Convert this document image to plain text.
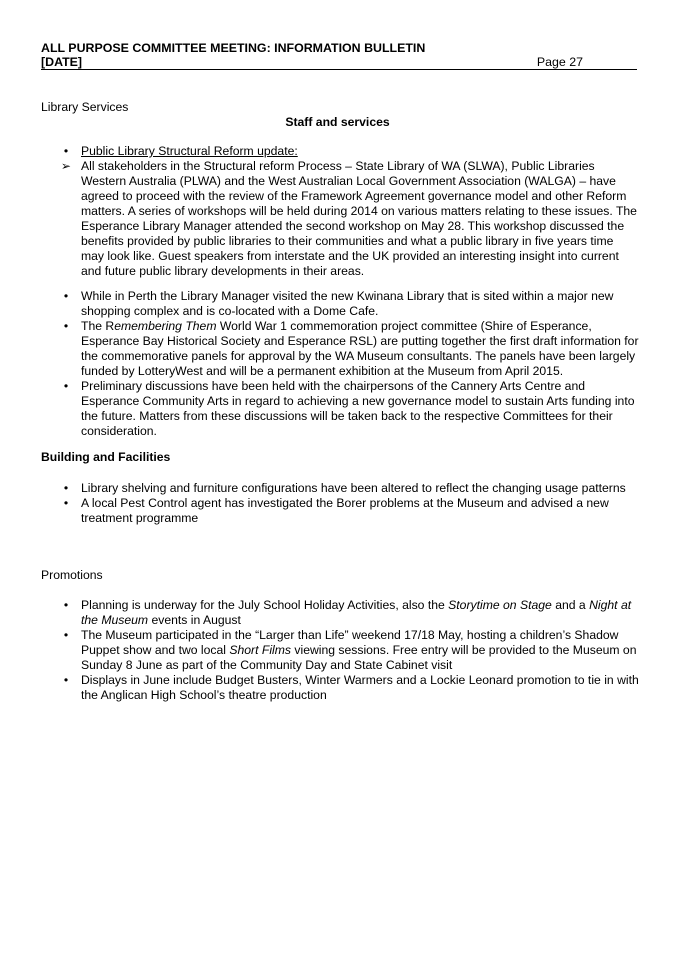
ALL PURPOSE COMMITTEE MEETING: INFORMATION BULLETIN
[DATE]	Page 27
Library Services
Staff and services
•	Public Library Structural Reform update:
➢ All stakeholders in the Structural reform Process – State Library of WA (SLWA), Public Libraries Western Australia (PLWA) and the West Australian Local Government Association (WALGA) – have agreed to proceed with the review of the Framework Agreement governance model and other Reform matters. A series of workshops will be held during 2014 on various matters relating to these issues. The Esperance Library Manager attended the second workshop on May 28. This workshop discussed the benefits provided by public libraries to their communities and what a public library in five years time may look like. Guest speakers from interstate and the UK provided an interesting insight into current and future public library developments in their areas.
•	While in Perth the Library Manager visited the new Kwinana Library that is sited within a major new shopping complex and is co-located with a Dome Cafe.
•	The Remembering Them World War 1 commemoration project committee (Shire of Esperance, Esperance Bay Historical Society and Esperance RSL) are putting together the first draft information for the commemorative panels for approval by the WA Museum consultants. The panels have been largely funded by LotteryWest and will be a permanent exhibition at the Museum from April 2015.
•	Preliminary discussions have been held with the chairpersons of the Cannery Arts Centre and Esperance Community Arts in regard to achieving a new governance model to sustain Arts funding into the future. Matters from these discussions will be taken back to the respective Committees for their consideration.
Building and Facilities
•	Library shelving and furniture configurations have been altered to reflect the changing usage patterns
•	A local Pest Control agent has investigated the Borer problems at the Museum and advised a new treatment programme
Promotions
•	Planning is underway for the July School Holiday Activities, also the Storytime on Stage and a Night at the Museum events in August
•	The Museum participated in the “Larger than Life” weekend 17/18 May, hosting a children’s Shadow Puppet show and two local Short Films viewing sessions. Free entry will be provided to the Museum on Sunday 8 June as part of the Community Day and State Cabinet visit
•	Displays in June include Budget Busters, Winter Warmers and a Lockie Leonard promotion to tie in with the Anglican High School’s theatre production
